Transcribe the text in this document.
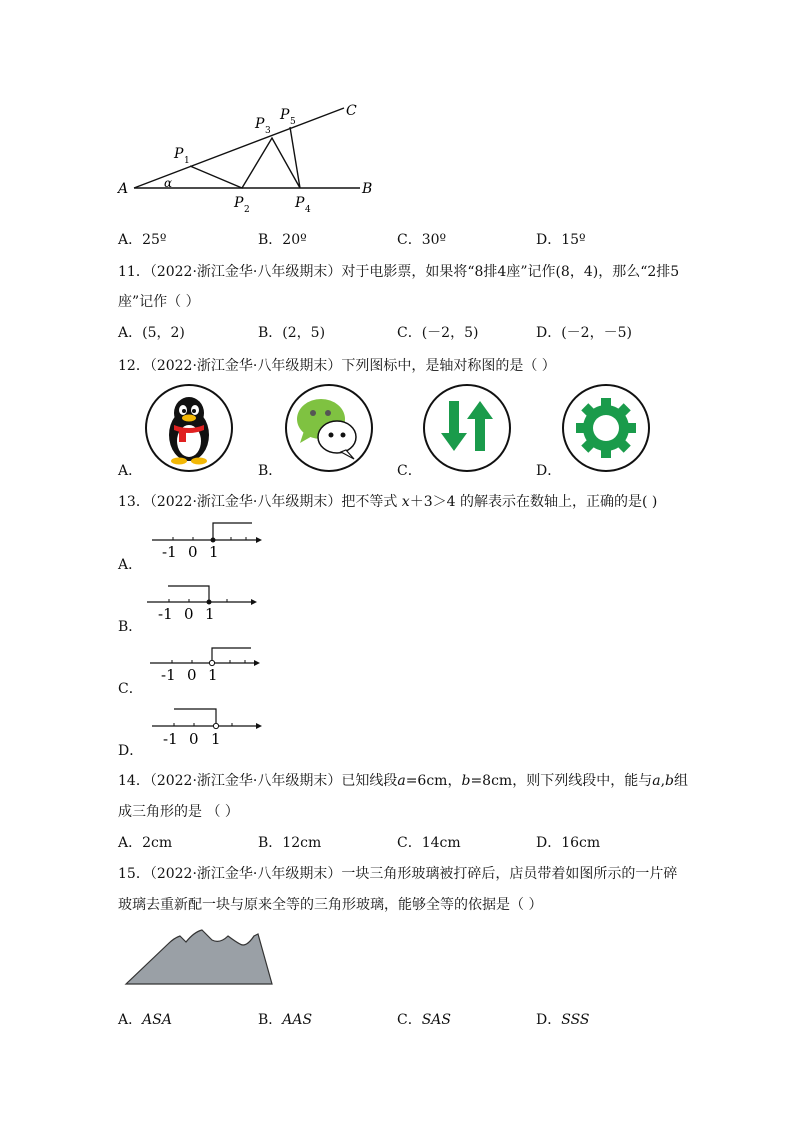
A	B
C
α
P 1
P 2
P 3
P 4
P 5
A．25º	B．20º	C．30º	D．15º
11．（2022·浙江金华·八年级期末）对于电影票，如果将“8排4座”记作(8，4)，那么“2排5
座”记作（ ）
A．(5，2)	B．(2，5)	C．(－2，5)	D．(－2，－5)
12．（2022·浙江金华·八年级期末）下列图标中，是轴对称图的是（ ）
A．	B．	C．	D．
13．（2022·浙江金华·八年级期末）把不等式 x＋3＞4 的解表示在数轴上，正确的是( )
A．
B．
C．
D．
-1 0 1
-1 0 1
-1 0 1
-1 0 1
14．（2022·浙江金华·八年级期末）已知线段a=6cm，b=8cm，则下列线段中，能与a,b组
成三角形的是 （ ）
A．2cm	B．12cm	C．14cm	D．16cm
15．（2022·浙江金华·八年级期末）一块三角形玻璃被打碎后，店员带着如图所示的一片碎
玻璃去重新配一块与原来全等的三角形玻璃，能够全等的依据是（ ）
A．ASA	B．AAS	C．SAS	D．SSS
